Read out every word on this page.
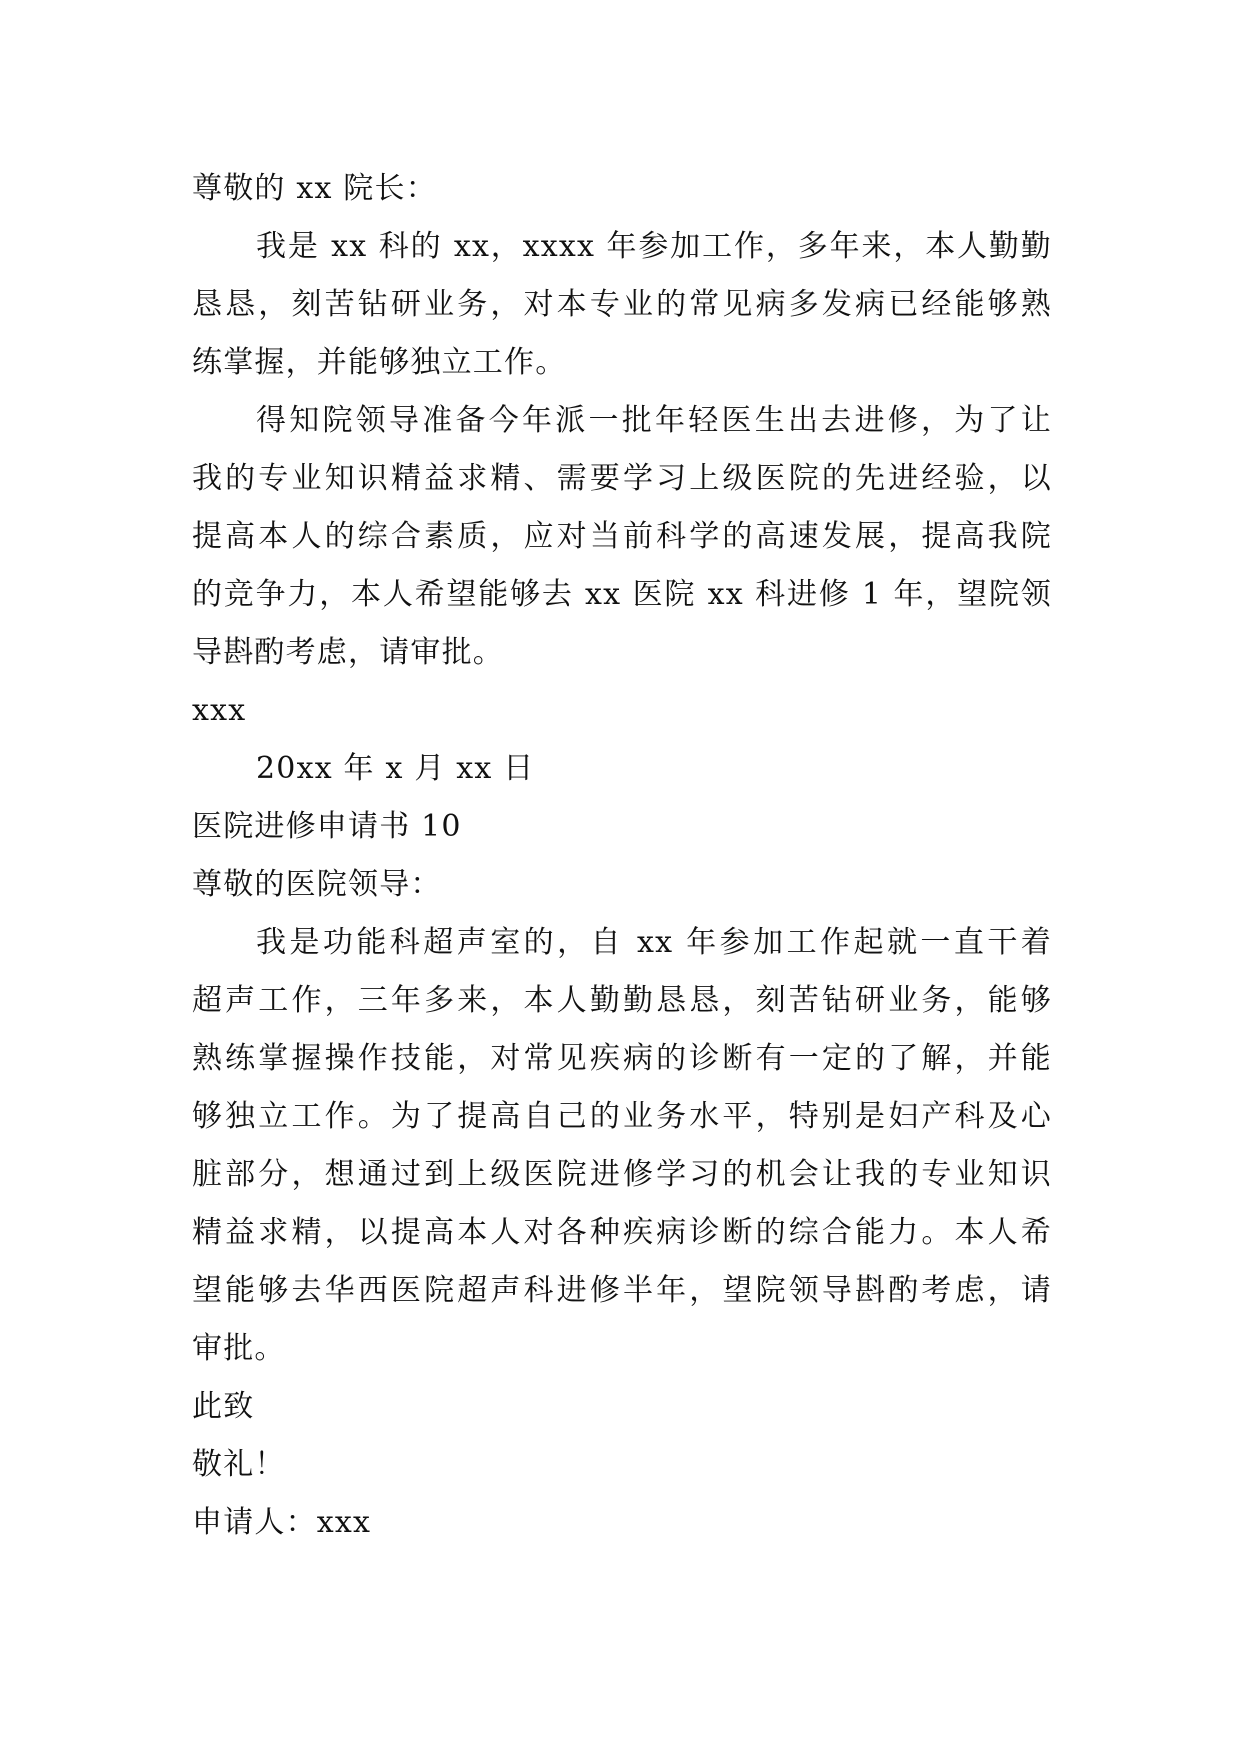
尊敬的 xx 院长：
我是 xx 科的 xx，xxxx 年参加工作，多年来，本人勤勤
恳恳，刻苦钻研业务，对本专业的常见病多发病已经能够熟
练掌握，并能够独立工作。
得知院领导准备今年派一批年轻医生出去进修，为了让
我的专业知识精益求精、需要学习上级医院的先进经验，以
提高本人的综合素质，应对当前科学的高速发展，提高我院
的竞争力，本人希望能够去 xx 医院 xx 科进修 1 年，望院领
导斟酌考虑，请审批。
xxx
20xx 年 x 月 xx 日
医院进修申请书 10
尊敬的医院领导：
我是功能科超声室的，自 xx 年参加工作起就一直干着
超声工作，三年多来，本人勤勤恳恳，刻苦钻研业务，能够
熟练掌握操作技能，对常见疾病的诊断有一定的了解，并能
够独立工作。为了提高自己的业务水平，特别是妇产科及心
脏部分，想通过到上级医院进修学习的机会让我的专业知识
精益求精，以提高本人对各种疾病诊断的综合能力。本人希
望能够去华西医院超声科进修半年，望院领导斟酌考虑，请
审批。
此致
敬礼！
申请人：xxx
